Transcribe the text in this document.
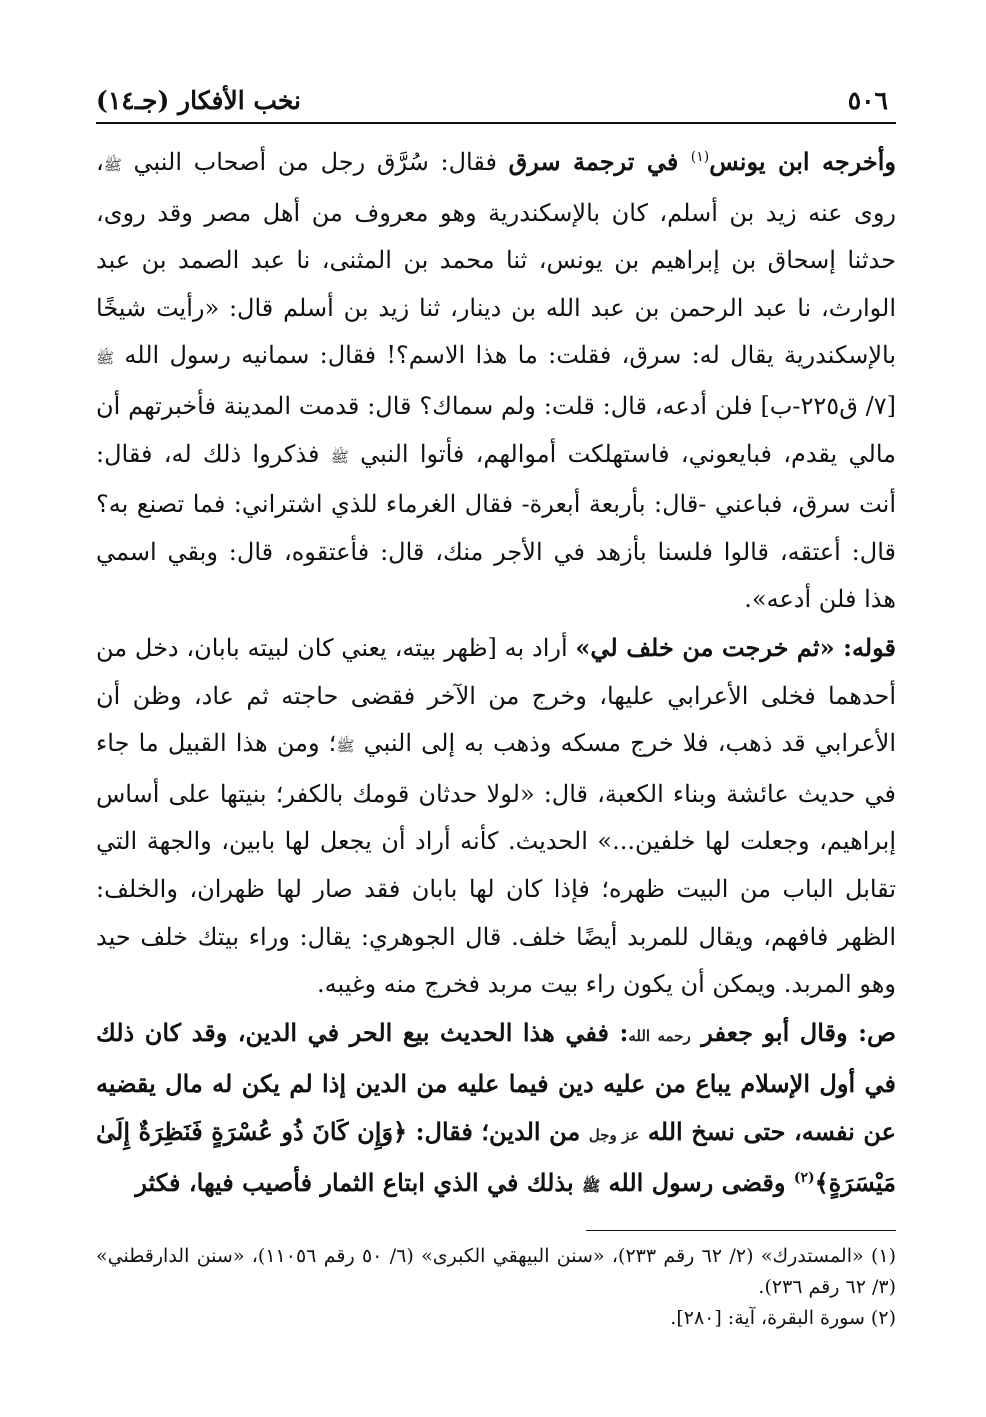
٥٠٦
نخب الأفكار (جـ١٤)

وأخرجه ابن يونس$^{(١)}$ في ترجمة سرق فقال: سُرَّق رجل من أصحاب النبي ﷺ، روى عنه زيد بن أسلم، كان بالإسكندرية وهو معروف من أهل مصر وقد روى، حدثنا إسحاق بن إبراهيم بن يونس، ثنا محمد بن المثنى، نا عبد الصمد بن عبد الوارث، نا عبد الرحمن بن عبد الله بن دينار، ثنا زيد بن أسلم قال: «رأيت شيخًا بالإسكندرية يقال له: سرق، فقلت: ما هذا الاسم؟! فقال: سمانيه رسول الله ﷺ [٧/ ق٢٢٥-ب] فلن أدعه، قال: قلت: ولم سماك؟ قال: قدمت المدينة فأخبرتهم أن مالي يقدم، فبايعوني، فاستهلكت أموالهم، فأتوا النبي ﷺ فذكروا ذلك له، فقال: أنت سرق، فباعني -قال: بأربعة أبعرة- فقال الغرماء للذي اشتراني: فما تصنع به؟ قال: أعتقه، قالوا فلسنا بأزهد في الأجر منك، قال: فأعتقوه، قال: وبقي اسمي هذا فلن أدعه».

قوله: «ثم خرجت من خلف لي» أراد به [ظهر بيته، يعني كان لبيته بابان، دخل من أحدهما فخلى الأعرابي عليها، وخرج من الآخر فقضى حاجته ثم عاد، وظن أن الأعرابي قد ذهب، فلا خرج مسكه وذهب به إلى النبي ﷺ؛ ومن هذا القبيل ما جاء في حديث عائشة وبناء الكعبة، قال: «لولا حدثان قومك بالكفر؛ بنيتها على أساس إبراهيم، وجعلت لها خلفين...» الحديث. كأنه أراد أن يجعل لها بابين، والجهة التي تقابل الباب من البيت ظهره؛ فإذا كان لها بابان فقد صار لها ظهران، والخلف: الظهر فافهم، ويقال للمربد أيضًا خلف. قال الجوهري: يقال: وراء بيتك خلف حيد وهو المربد. ويمكن أن يكون راء بيت مربد فخرج منه وغيبه.

ص: وقال أبو جعفر رحمه الله: ففي هذا الحديث بيع الحر في الدين، وقد كان ذلك في أول الإسلام يباع من عليه دين فيما عليه من الدين إذا لم يكن له مال يقضيه عن نفسه، حتى نسخ الله عز وجل من الدين؛ فقال: ﴿وَإِن كَانَ ذُو عُسْرَةٍ فَنَظِرَةٌ إِلَىٰ مَيْسَرَةٍ﴾$^{(٢)}$ وقضى رسول الله ﷺ بذلك في الذي ابتاع الثمار فأصيب فيها، فكثر

(١) «المستدرك» (٢/ ٦٢ رقم ٢٣٣)، «سنن البيهقي الكبرى» (٦/ ٥٠ رقم ١١٠٥٦)، «سنن الدارقطني» (٣/ ٦٢ رقم ٢٣٦).
(٢) سورة البقرة، آية: [٢٨٠].
